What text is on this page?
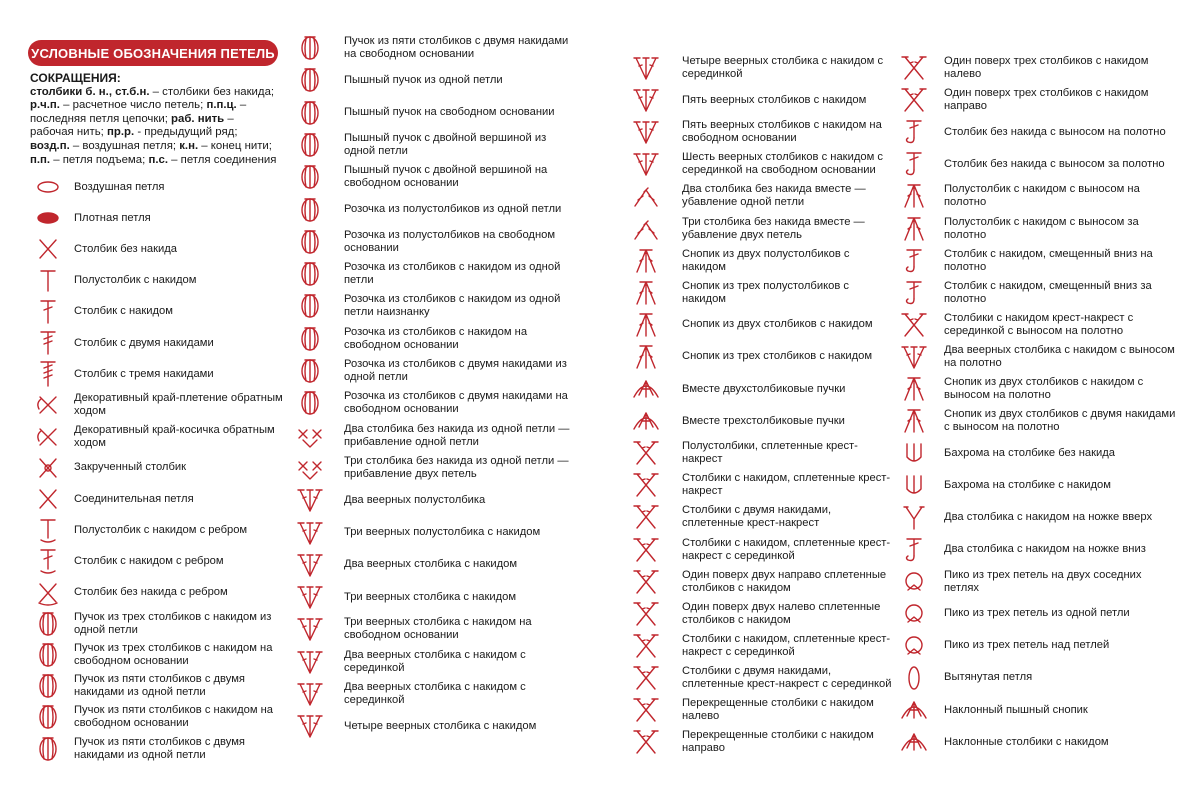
УСЛОВНЫЕ ОБОЗНАЧЕНИЯ ПЕТЕЛЬ
СОКРАЩЕНИЯ:
столбики б. н., ст.б.н. – столбики без накида; р.ч.п. – расчетное число петель; п.п.ц. – последняя петля цепочки; раб. нить – рабочая нить; пр.р. - предыдущий ряд; возд.п. – воздушная петля; к.н. – конец нити; п.п. – петля подъема; п.с. – петля соединения
Воздушная петля
Плотная петля
Столбик без накида
Полустолбик с накидом
Столбик с накидом
Столбик с двумя накидами
Столбик с тремя накидами
Декоративный край-плетение обратным ходом
Декоративный край-косичка обратным ходом
Закрученный столбик
Соединительная петля
Полустолбик с накидом с ребром
Столбик с накидом с ребром
Столбик без накида с ребром
Пучок из трех столбиков с накидом из одной петли
Пучок из трех столбиков с накидом на свободном основании
Пучок из пяти столбиков с двумя накидами из одной петли
Пучок из пяти столбиков с накидом на свободном основании
Пучок из пяти столбиков с двумя накидами из одной петли
Пучок из пяти столбиков с двумя накидами на свободном основании
Пышный пучок из одной петли
Пышный пучок на свободном основании
Пышный пучок с двойной вершиной из одной петли
Пышный пучок с двойной вершиной на свободном основании
Розочка из полустолбиков из одной петли
Розочка из полустолбиков на свободном основании
Розочка из столбиков с накидом из одной петли
Розочка из столбиков с накидом из одной петли наизнанку
Розочка из столбиков с накидом на свободном основании
Розочка из столбиков с двумя накидами из одной петли
Розочка из столбиков с двумя накидами на свободном основании
Два столбика без накида из одной петли — прибавление одной петли
Три столбика без накида из одной петли — прибавление двух петель
Два веерных полустолбика
Три веерных полустолбика с накидом
Два веерных столбика с накидом
Три веерных столбика с накидом
Три веерных столбика с накидом на свободном основании
Два веерных столбика с накидом с серединкой
Два веерных столбика с накидом с серединкой
Четыре веерных столбика с накидом
Четыре веерных столбика с накидом с серединкой
Пять веерных столбиков с накидом
Пять веерных столбиков с накидом на свободном основании
Шесть веерных столбиков с накидом с серединкой на свободном основании
Два столбика без накида вместе — убавление одной петли
Три столбика без накида вместе — убавление двух петель
Снопик из двух полустолбиков с накидом
Снопик из трех полустолбиков с накидом
Снопик из двух столбиков с накидом
Снопик из трех столбиков с накидом
Вместе двухстолбиковые пучки
Вместе трехстолбиковые пучки
Полустолбики, сплетенные крест-накрест
Столбики с накидом, сплетенные крест-накрест
Столбики с двумя накидами, сплетенные крест-накрест
Столбики с накидом, сплетенные крест-накрест с серединкой
Один поверх двух направо сплетенные столбиков с накидом
Один поверх двух налево сплетенные столбиков с накидом
Столбики с накидом, сплетенные крест-накрест с серединкой
Столбики с двумя накидами, сплетенные крест-накрест с серединкой
Перекрещенные столбики с накидом налево
Перекрещенные столбики с накидом направо
Один поверх трех столбиков с накидом налево
Один поверх трех столбиков с накидом направо
Столбик без накида с выносом на полотно
Столбик без накида с выносом за полотно
Полустолбик с накидом с выносом на полотно
Полустолбик с накидом с выносом за полотно
Столбик с накидом, смещенный вниз на полотно
Столбик с накидом, смещенный вниз за полотно
Столбики с накидом крест-накрест с серединкой с выносом на полотно
Два веерных столбика с накидом с выносом на полотно
Снопик из двух столбиков с накидом с выносом на полотно
Снопик из двух столбиков с двумя накидами с выносом на полотно
Бахрома на столбике без накида
Бахрома на столбике с накидом
Два столбика с накидом на ножке вверх
Два столбика с накидом на ножке вниз
Пико из трех петель на двух соседних петлях
Пико из трех петель из одной петли
Пико из трех петель над петлей
Вытянутая петля
Наклонный пышный снопик
Наклонные столбики с накидом
